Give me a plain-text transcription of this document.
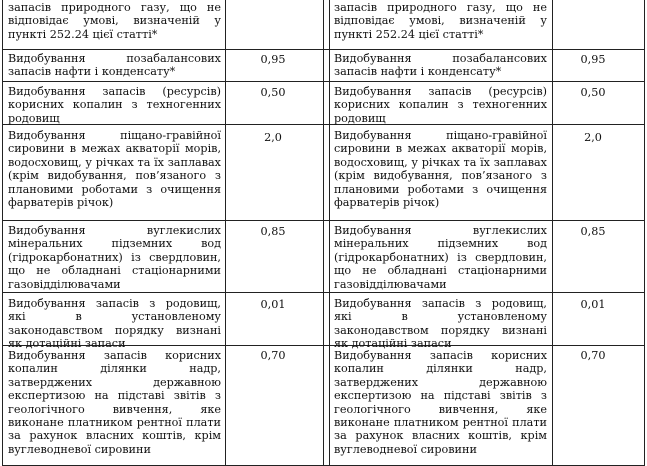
запасів природного газу, що не відповідає умові, визначеній у пункті 252.24 цієї статті*
Видобування позабалансових запасів нафти і конденсату*
0,95
Видобування запасів (ресурсів) корисних копалин з техногенних родовищ
0,50
Видобування піщано-гравійної сировини в межах акваторії морів, водосховищ, у річках та їх заплавах (крім видобування, пов’язаного з плановими роботами з очищення фарватерів річок)
2,0
Видобування вуглекислих мінеральних підземних вод (гідрокарбонатних) із свердловин, що не обладнані стаціонарними газовідділювачами
0,85
Видобування запасів з родовищ, які в установленому законодавством порядку визнані як дотаційні запаси
0,01
Видобування запасів корисних копалин ділянки надр, затверджених державною експертизою на підставі звітів з геологічного вивчення, яке виконане платником рентної плати за рахунок власних коштів, крім вуглеводневої сировини
0,70
запасів природного газу, що не відповідає умові, визначеній у пункті 252.24 цієї статті*
Видобування позабалансових запасів нафти і конденсату*
0,95
Видобування запасів (ресурсів) корисних копалин з техногенних родовищ
0,50
Видобування піщано-гравійної сировини в межах акваторії морів, водосховищ, у річках та їх заплавах (крім видобування, пов’язаного з плановими роботами з очищення фарватерів річок)
2,0
Видобування вуглекислих мінеральних підземних вод (гідрокарбонатних) із свердловин, що не обладнані стаціонарними газовідділювачами
0,85
Видобування запасів з родовищ, які в установленому законодавством порядку визнані як дотаційні запаси
0,01
Видобування запасів корисних копалин ділянки надр, затверджених державною експертизою на підставі звітів з геологічного вивчення, яке виконане платником рентної плати за рахунок власних коштів, крім вуглеводневої сировини
0,70
